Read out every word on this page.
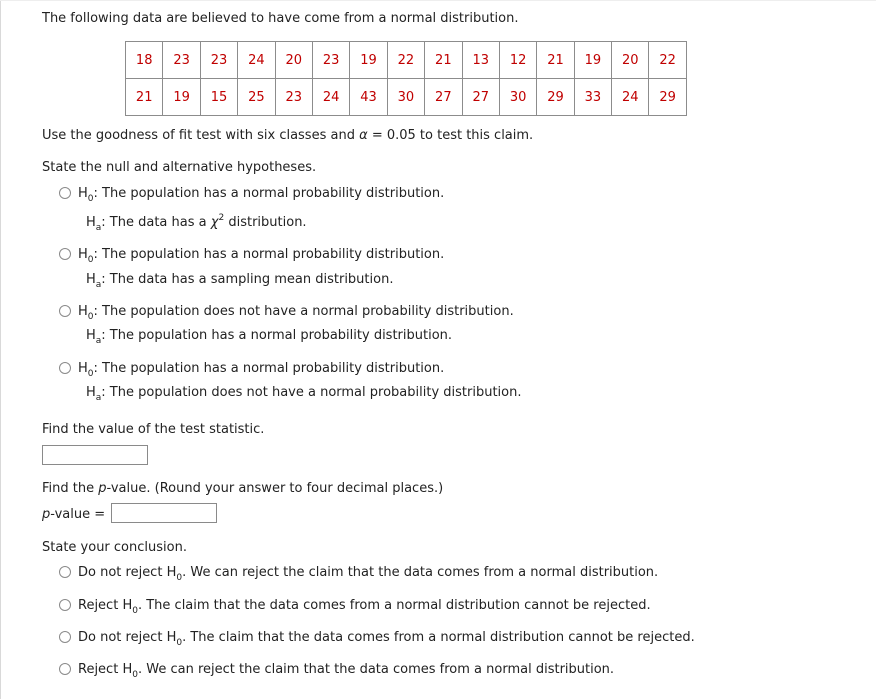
The following data are believed to have come from a normal distribution.
18	23	23	24	20	23	19	22	21	13	12	21	19	20	22
21	19	15	25	23	24	43	30	27	27	30	29	33	24	29
Use the goodness of fit test with six classes and α = 0.05 to test this claim.
State the null and alternative hypotheses.
$H_0$: The population has a normal probability distribution.
$H_a$: The data has a $\chi^2$ distribution.
$H_0$: The population has a normal probability distribution.
$H_a$: The data has a sampling mean distribution.
$H_0$: The population does not have a normal probability distribution.
$H_a$: The population has a normal probability distribution.
$H_0$: The population has a normal probability distribution.
$H_a$: The population does not have a normal probability distribution.
Find the value of the test statistic.
Find the p-value. (Round your answer to four decimal places.)
p-value =
State your conclusion.
Do not reject $H_0$. We can reject the claim that the data comes from a normal distribution.
Reject $H_0$. The claim that the data comes from a normal distribution cannot be rejected.
Do not reject $H_0$. The claim that the data comes from a normal distribution cannot be rejected.
Reject $H_0$. We can reject the claim that the data comes from a normal distribution.
